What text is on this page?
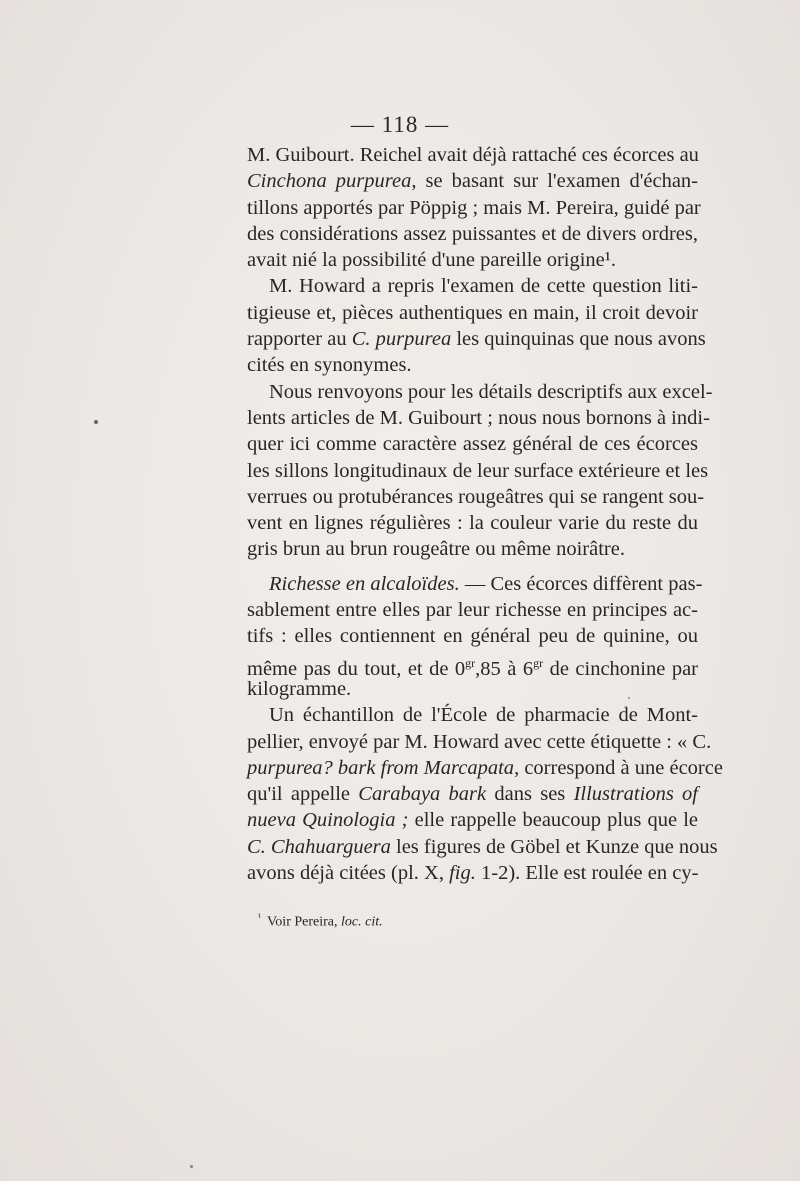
— 118 —
M. Guibourt. Reichel avait déjà rattaché ces écorces au
Cinchona purpurea, se basant sur l'examen d'échan-
tillons apportés par Pöppig ; mais M. Pereira, guidé par
des considérations assez puissantes et de divers ordres,
avait nié la possibilité d'une pareille origine¹.
M. Howard a repris l'examen de cette question liti-
tigieuse et, pièces authentiques en main, il croit devoir
rapporter au C. purpurea les quinquinas que nous avons
cités en synonymes.
Nous renvoyons pour les détails descriptifs aux excel-
lents articles de M. Guibourt ; nous nous bornons à indi-
quer ici comme caractère assez général de ces écorces
les sillons longitudinaux de leur surface extérieure et les
verrues ou protubérances rougeâtres qui se rangent sou-
vent en lignes régulières : la couleur varie du reste du
gris brun au brun rougeâtre ou même noirâtre.
Richesse en alcaloïdes. — Ces écorces diffèrent pas-
sablement entre elles par leur richesse en principes ac-
tifs : elles contiennent en général peu de quinine, ou
même pas du tout, et de $0^{gr},85$ à $6^{gr}$ de cinchonine par
kilogramme.
Un échantillon de l'École de pharmacie de Mont-
pellier, envoyé par M. Howard avec cette étiquette : « C.
purpurea? bark from Marcapata, correspond à une écorce
qu'il appelle Carabaya bark dans ses Illustrations of
nueva Quinologia ; elle rappelle beaucoup plus que le
C. Chahuarguera les figures de Göbel et Kunze que nous
avons déjà citées (pl. X, fig. 1-2). Elle est roulée en cy-
$^{^1}$ Voir Pereira, loc. cit.
